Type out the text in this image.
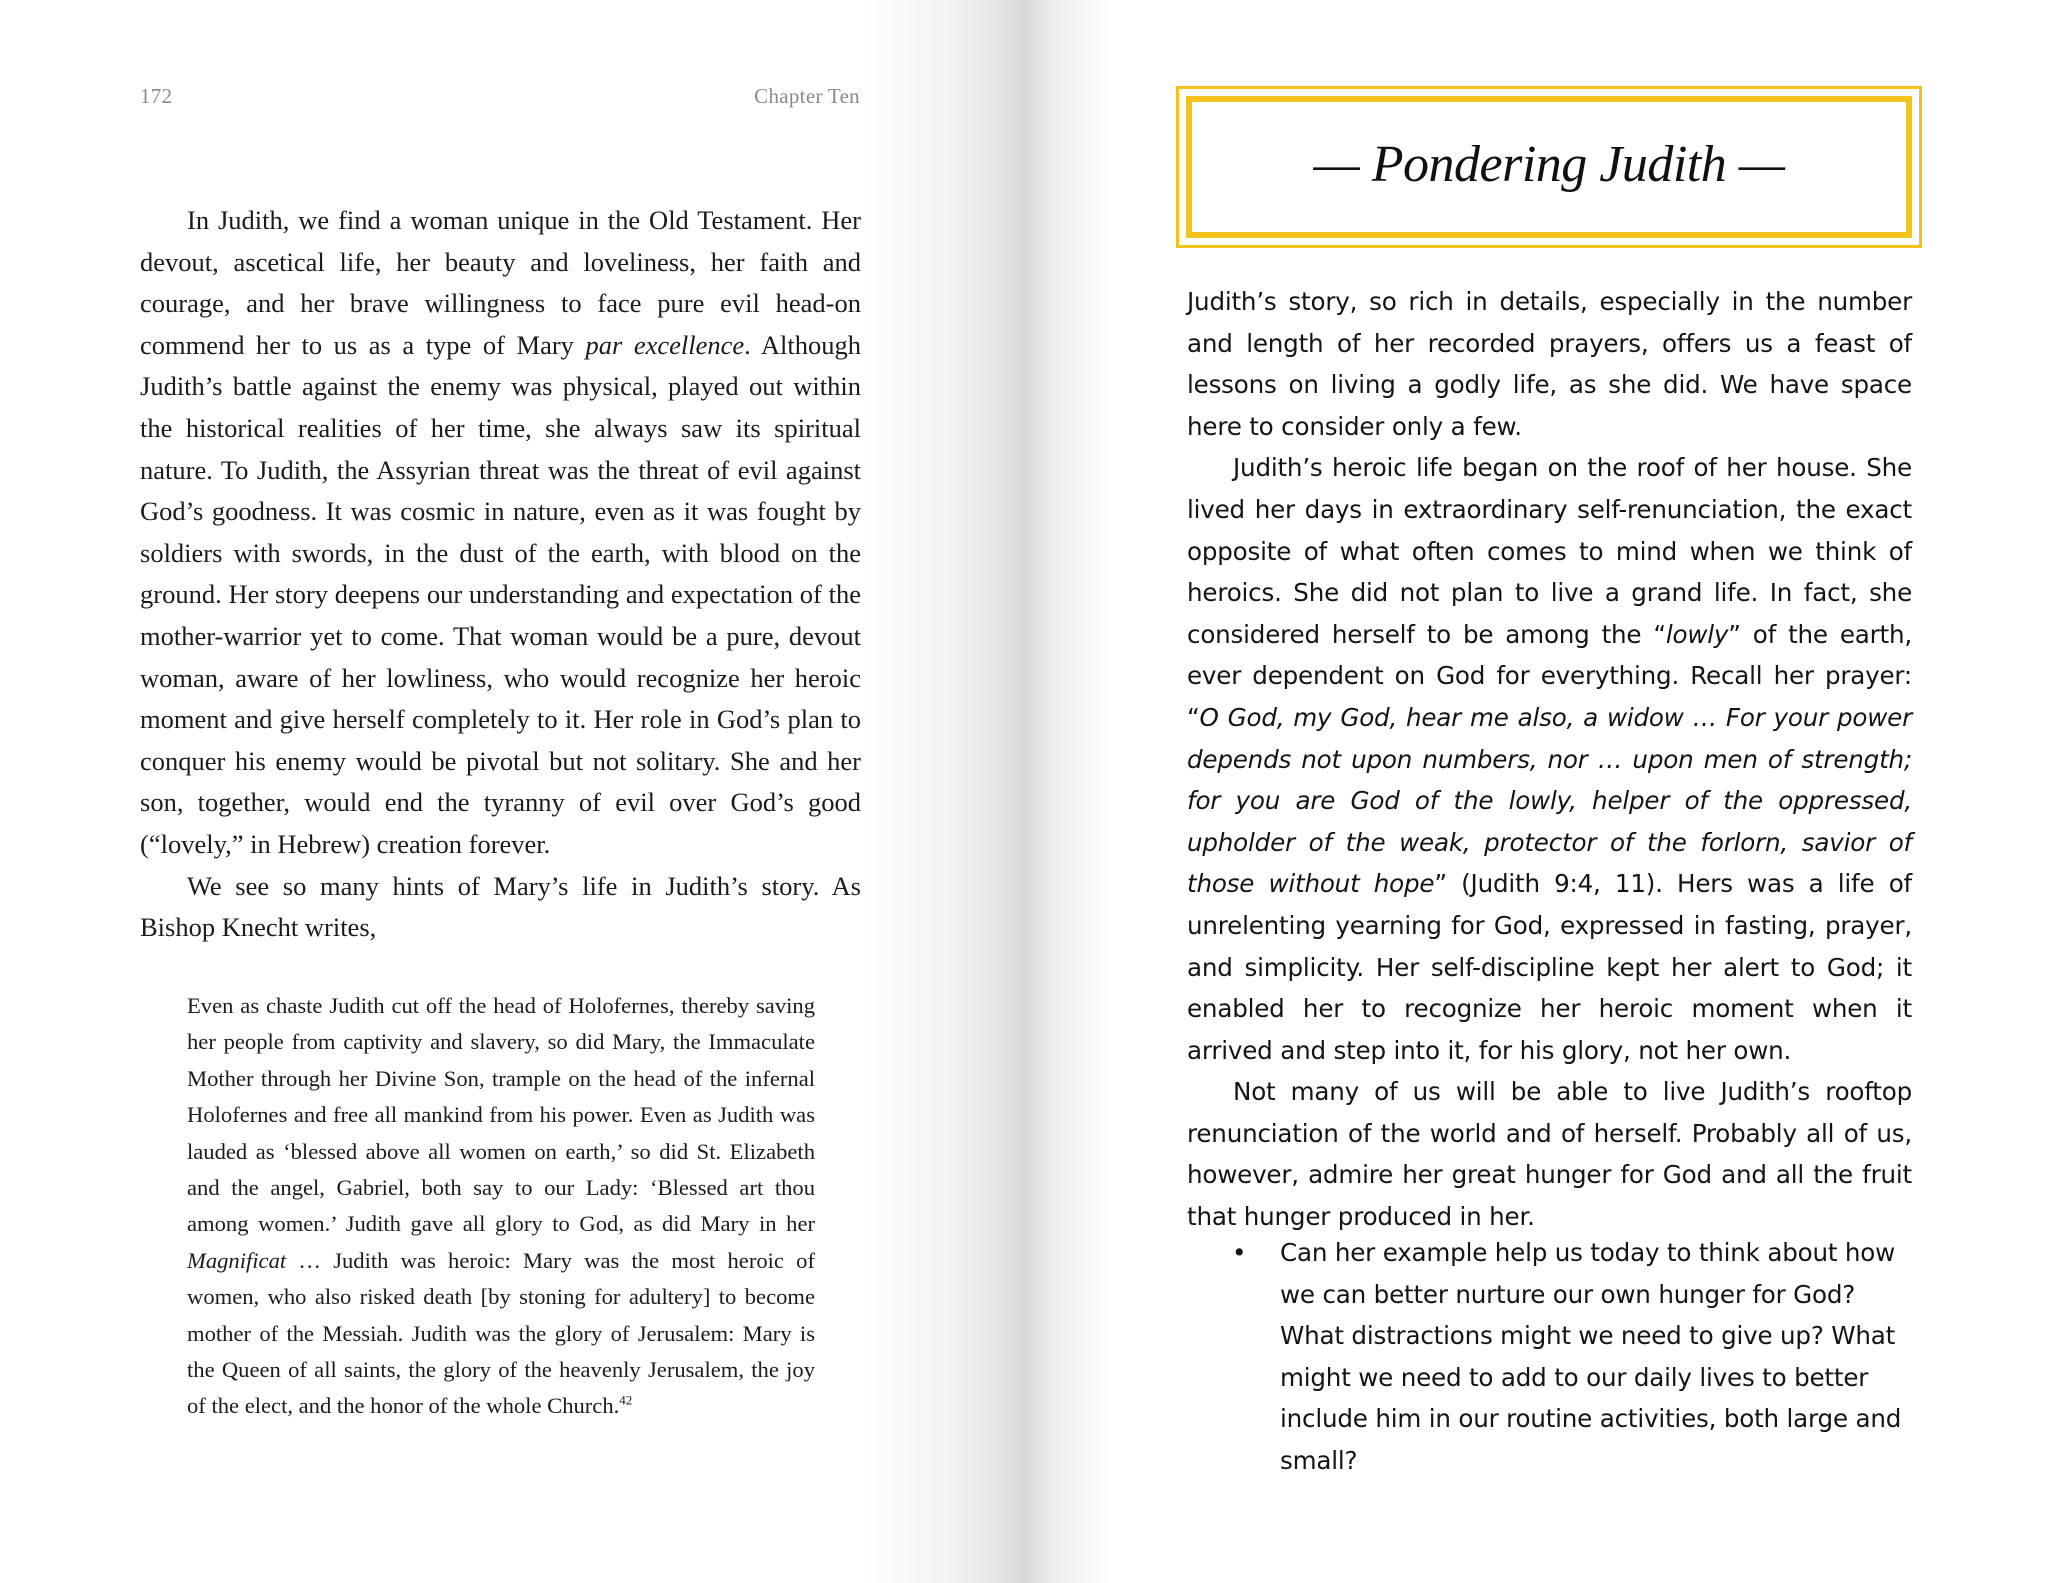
172	Chapter Ten

In Judith, we find a woman unique in the Old Testament. Her devout, ascetical life, her beauty and loveliness, her faith and courage, and her brave willingness to face pure evil head-on commend her to us as a type of Mary par excellence. Although Judith’s battle against the enemy was physical, played out within the historical realities of her time, she always saw its spiritual nature. To Judith, the Assyrian threat was the threat of evil against God’s goodness. It was cosmic in nature, even as it was fought by soldiers with swords, in the dust of the earth, with blood on the ground. Her story deepens our understanding and expectation of the mother-warrior yet to come. That woman would be a pure, devout woman, aware of her lowliness, who would recognize her heroic moment and give herself completely to it. Her role in God’s plan to conquer his enemy would be pivotal but not solitary. She and her son, together, would end the tyranny of evil over God’s good (“lovely,” in Hebrew) creation forever.

We see so many hints of Mary’s life in Judith’s story. As Bishop Knecht writes,

Even as chaste Judith cut off the head of Holofernes, thereby saving her people from captivity and slavery, so did Mary, the Immaculate Mother through her Divine Son, trample on the head of the infernal Holofernes and free all mankind from his power. Even as Judith was lauded as ‘blessed above all women on earth,’ so did St. Elizabeth and the angel, Gabriel, both say to our Lady: ‘Blessed art thou among women.’ Judith gave all glory to God, as did Mary in her Magnificat … Judith was heroic: Mary was the most heroic of women, who also risked death [by stoning for adultery] to become mother of the Messiah. Judith was the glory of Jerusalem: Mary is the Queen of all saints, the glory of the heavenly Jerusalem, the joy of the elect, and the honor of the whole Church.$^{42}$

— Pondering Judith —

Judith’s story, so rich in details, especially in the number and length of her recorded prayers, offers us a feast of lessons on living a godly life, as she did. We have space here to consider only a few.

Judith’s heroic life began on the roof of her house. She lived her days in extraordinary self-renunciation, the exact opposite of what often comes to mind when we think of heroics. She did not plan to live a grand life. In fact, she considered herself to be among the “lowly” of the earth, ever dependent on God for everything. Recall her prayer: “O God, my God, hear me also, a widow … For your power depends not upon numbers, nor … upon men of strength; for you are God of the lowly, helper of the oppressed, upholder of the weak, protector of the forlorn, savior of those without hope” (Judith 9:4, 11). Hers was a life of unrelenting yearning for God, expressed in fasting, prayer, and simplicity. Her self-discipline kept her alert to God; it enabled her to recognize her heroic moment when it arrived and step into it, for his glory, not her own.

Not many of us will be able to live Judith’s rooftop renunciation of the world and of herself. Probably all of us, however, admire her great hunger for God and all the fruit that hunger produced in her.

• Can her example help us today to think about how we can better nurture our own hunger for God? What distractions might we need to give up? What might we need to add to our daily lives to better include him in our routine activities, both large and small?
